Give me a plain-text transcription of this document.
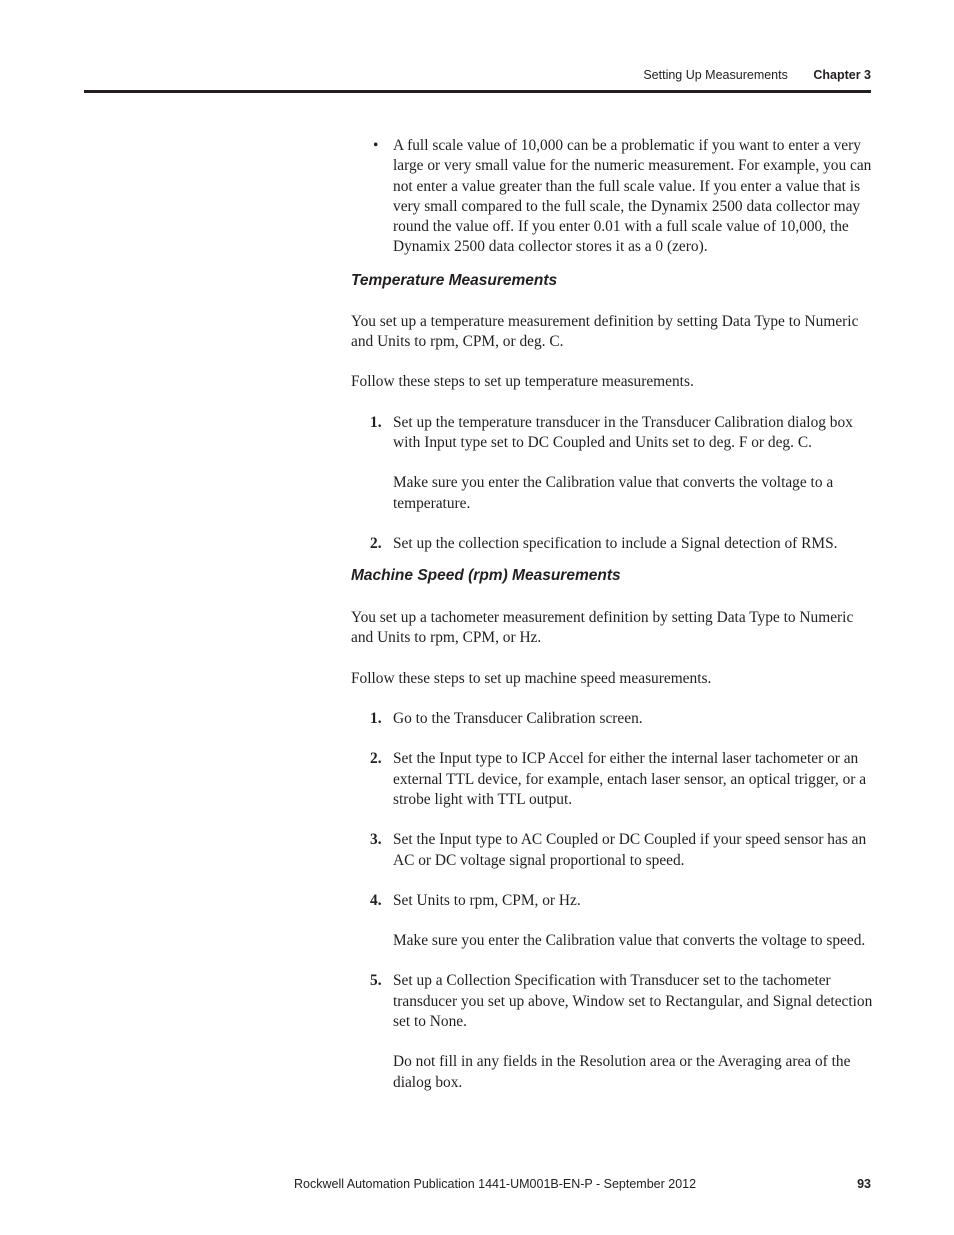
Setting Up Measurements Chapter 3

• A full scale value of 10,000 can be a problematic if you want to enter a very large or very small value for the numeric measurement. For example, you can not enter a value greater than the full scale value. If you enter a value that is very small compared to the full scale, the Dynamix 2500 data collector may round the value off. If you enter 0.01 with a full scale value of 10,000, the Dynamix 2500 data collector stores it as a 0 (zero).

Temperature Measurements

You set up a temperature measurement definition by setting Data Type to Numeric and Units to rpm, CPM, or deg. C.

Follow these steps to set up temperature measurements.

1. Set up the temperature transducer in the Transducer Calibration dialog box with Input type set to DC Coupled and Units set to deg. F or deg. C.

Make sure you enter the Calibration value that converts the voltage to a temperature.

2. Set up the collection specification to include a Signal detection of RMS.

Machine Speed (rpm) Measurements

You set up a tachometer measurement definition by setting Data Type to Numeric and Units to rpm, CPM, or Hz.

Follow these steps to set up machine speed measurements.

1. Go to the Transducer Calibration screen.

2. Set the Input type to ICP Accel for either the internal laser tachometer or an external TTL device, for example, entach laser sensor, an optical trigger, or a strobe light with TTL output.

3. Set the Input type to AC Coupled or DC Coupled if your speed sensor has an AC or DC voltage signal proportional to speed.

4. Set Units to rpm, CPM, or Hz.

Make sure you enter the Calibration value that converts the voltage to speed.

5. Set up a Collection Specification with Transducer set to the tachometer transducer you set up above, Window set to Rectangular, and Signal detection set to None.

Do not fill in any fields in the Resolution area or the Averaging area of the dialog box.

Rockwell Automation Publication 1441-UM001B-EN-P - September 2012	93
